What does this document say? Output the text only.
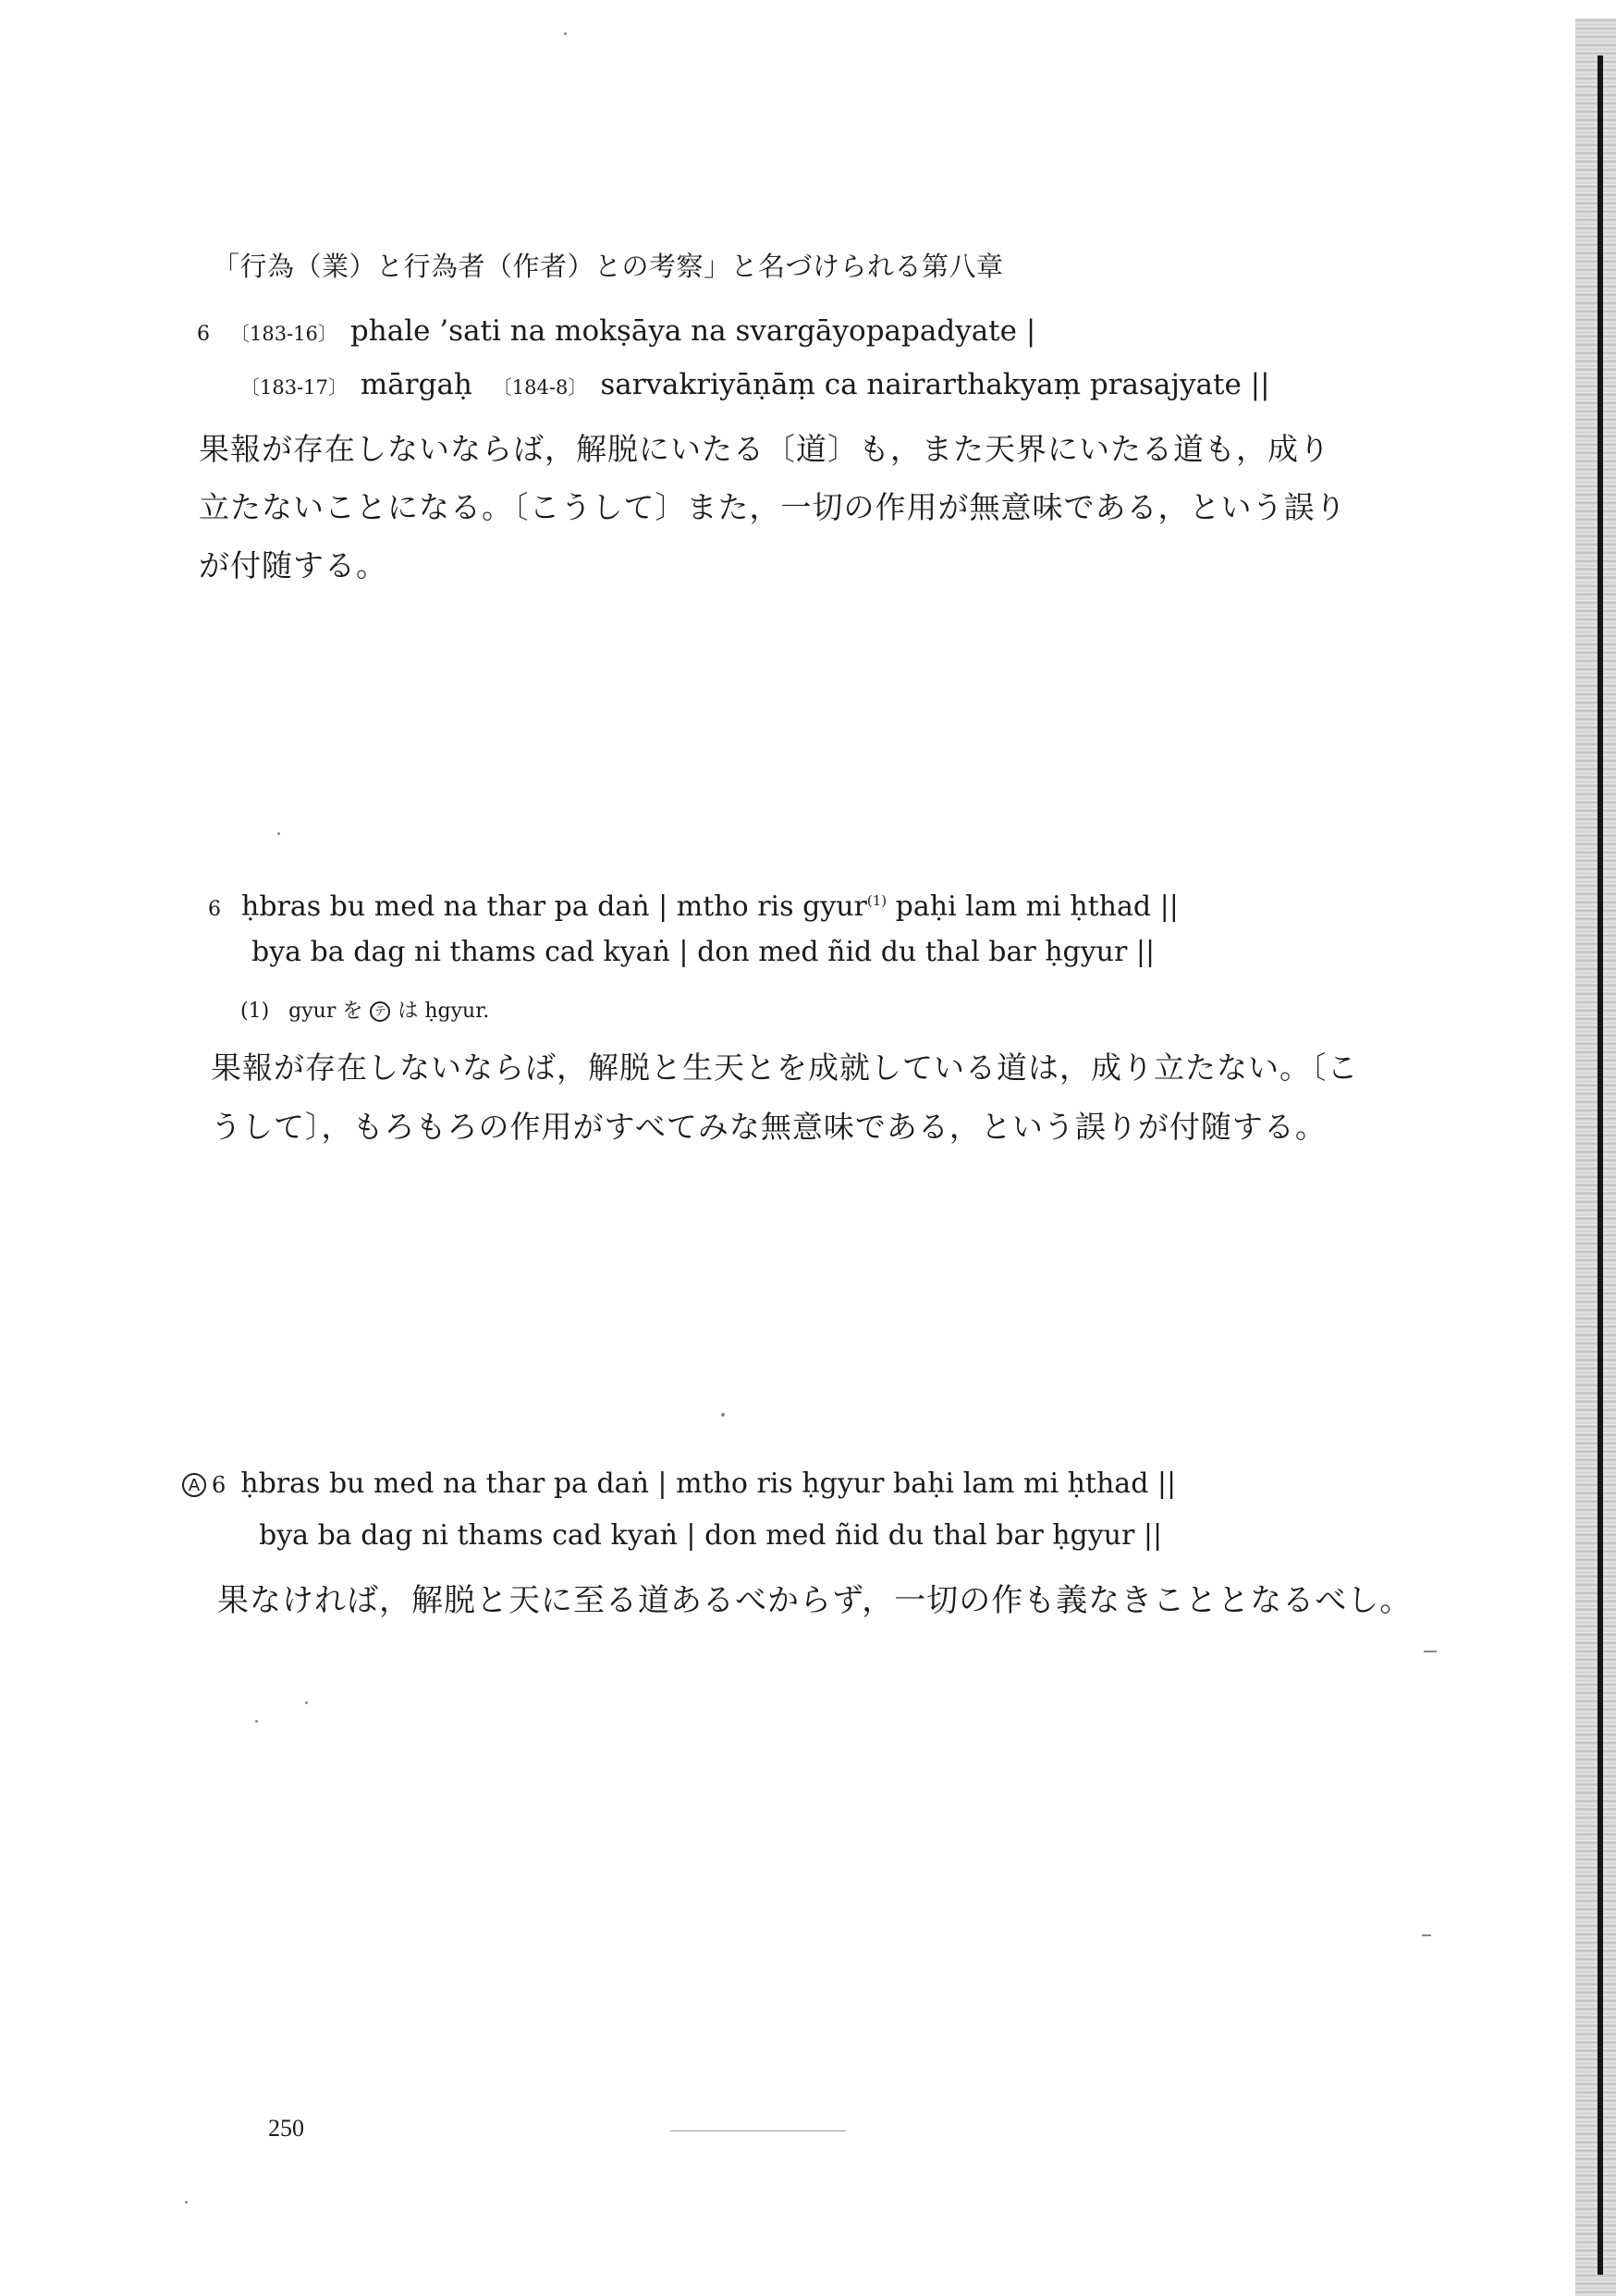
「行為（業）と行為者（作者）との考察」と名づけられる第八章
6 〔183-16〕 phale ’sati na mokṣāya na svargāyopapadyate |
〔183-17〕 mārgaḥ 〔184-8〕 sarvakriyāṇāṃ ca nairarthakyaṃ prasajyate ||
果報が存在しないならば，解脱にいたる〔道〕も，また天界にいたる道も，成り
立たないことになる。〔こうして〕また，一切の作用が無意味である，という誤り
が付随する。
6 ḥbras bu med na thar pa daṅ | mtho ris gyur$^{(1)}$ paḥi lam mi ḥthad ||
bya ba dag ni thams cad kyaṅ | don med ñid du thal bar ḥgyur ||
(1) gyur を テ は ḥgyur.
果報が存在しないならば，解脱と生天とを成就している道は，成り立たない。〔こ
うして〕，もろもろの作用がすべてみな無意味である，という誤りが付随する。
A 6 ḥbras bu med na thar pa daṅ | mtho ris ḥgyur baḥi lam mi ḥthad ||
bya ba dag ni thams cad kyaṅ | don med ñid du thal bar ḥgyur ||
果なければ，解脱と天に至る道あるべからず，一切の作も義なきこととなるべし。
250
